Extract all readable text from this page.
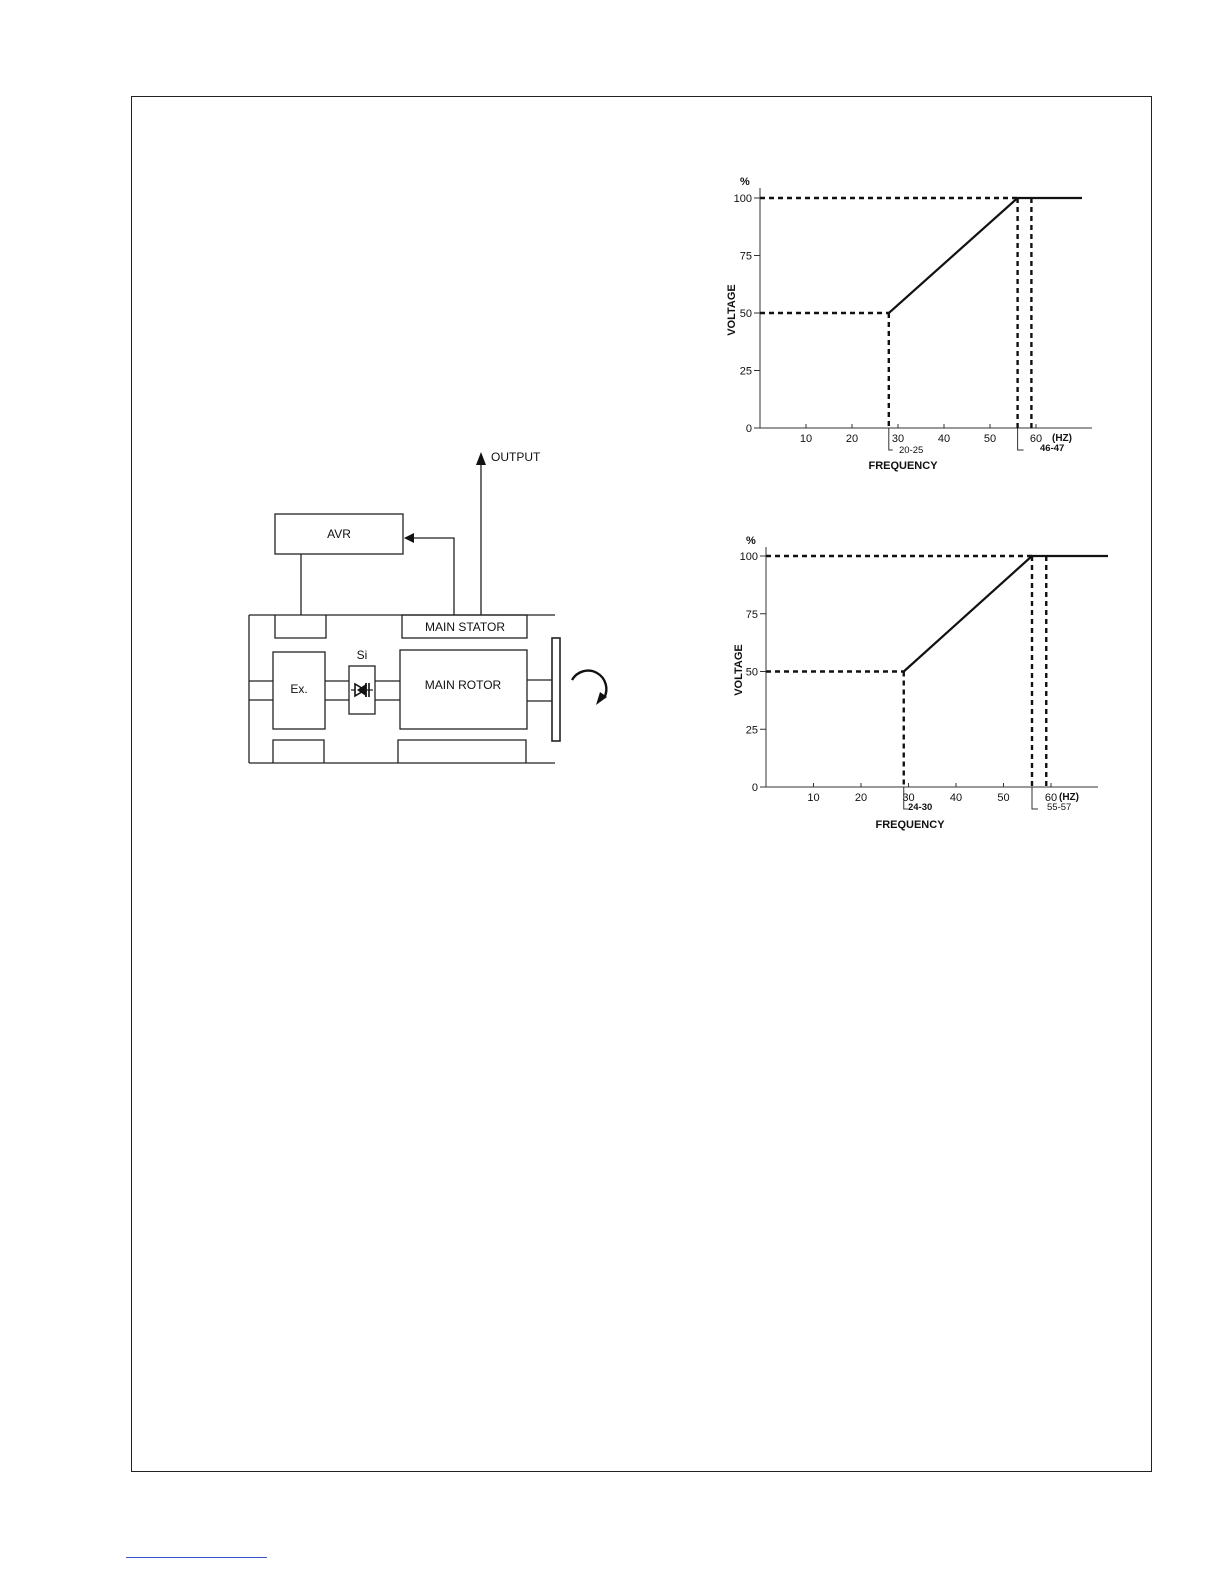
OUTPUT
AVR
MAIN STATOR
MAIN ROTOR
Ex.
Si
%
VOLTAGE
FREQUENCY
(HZ)
20-25	46-47
0
25
50
75
100
10	20	30	40	50	60
%
VOLTAGE
FREQUENCY
(HZ)
24-30	55-57
0
25
50
75
100
10	20	30	40	50	60
